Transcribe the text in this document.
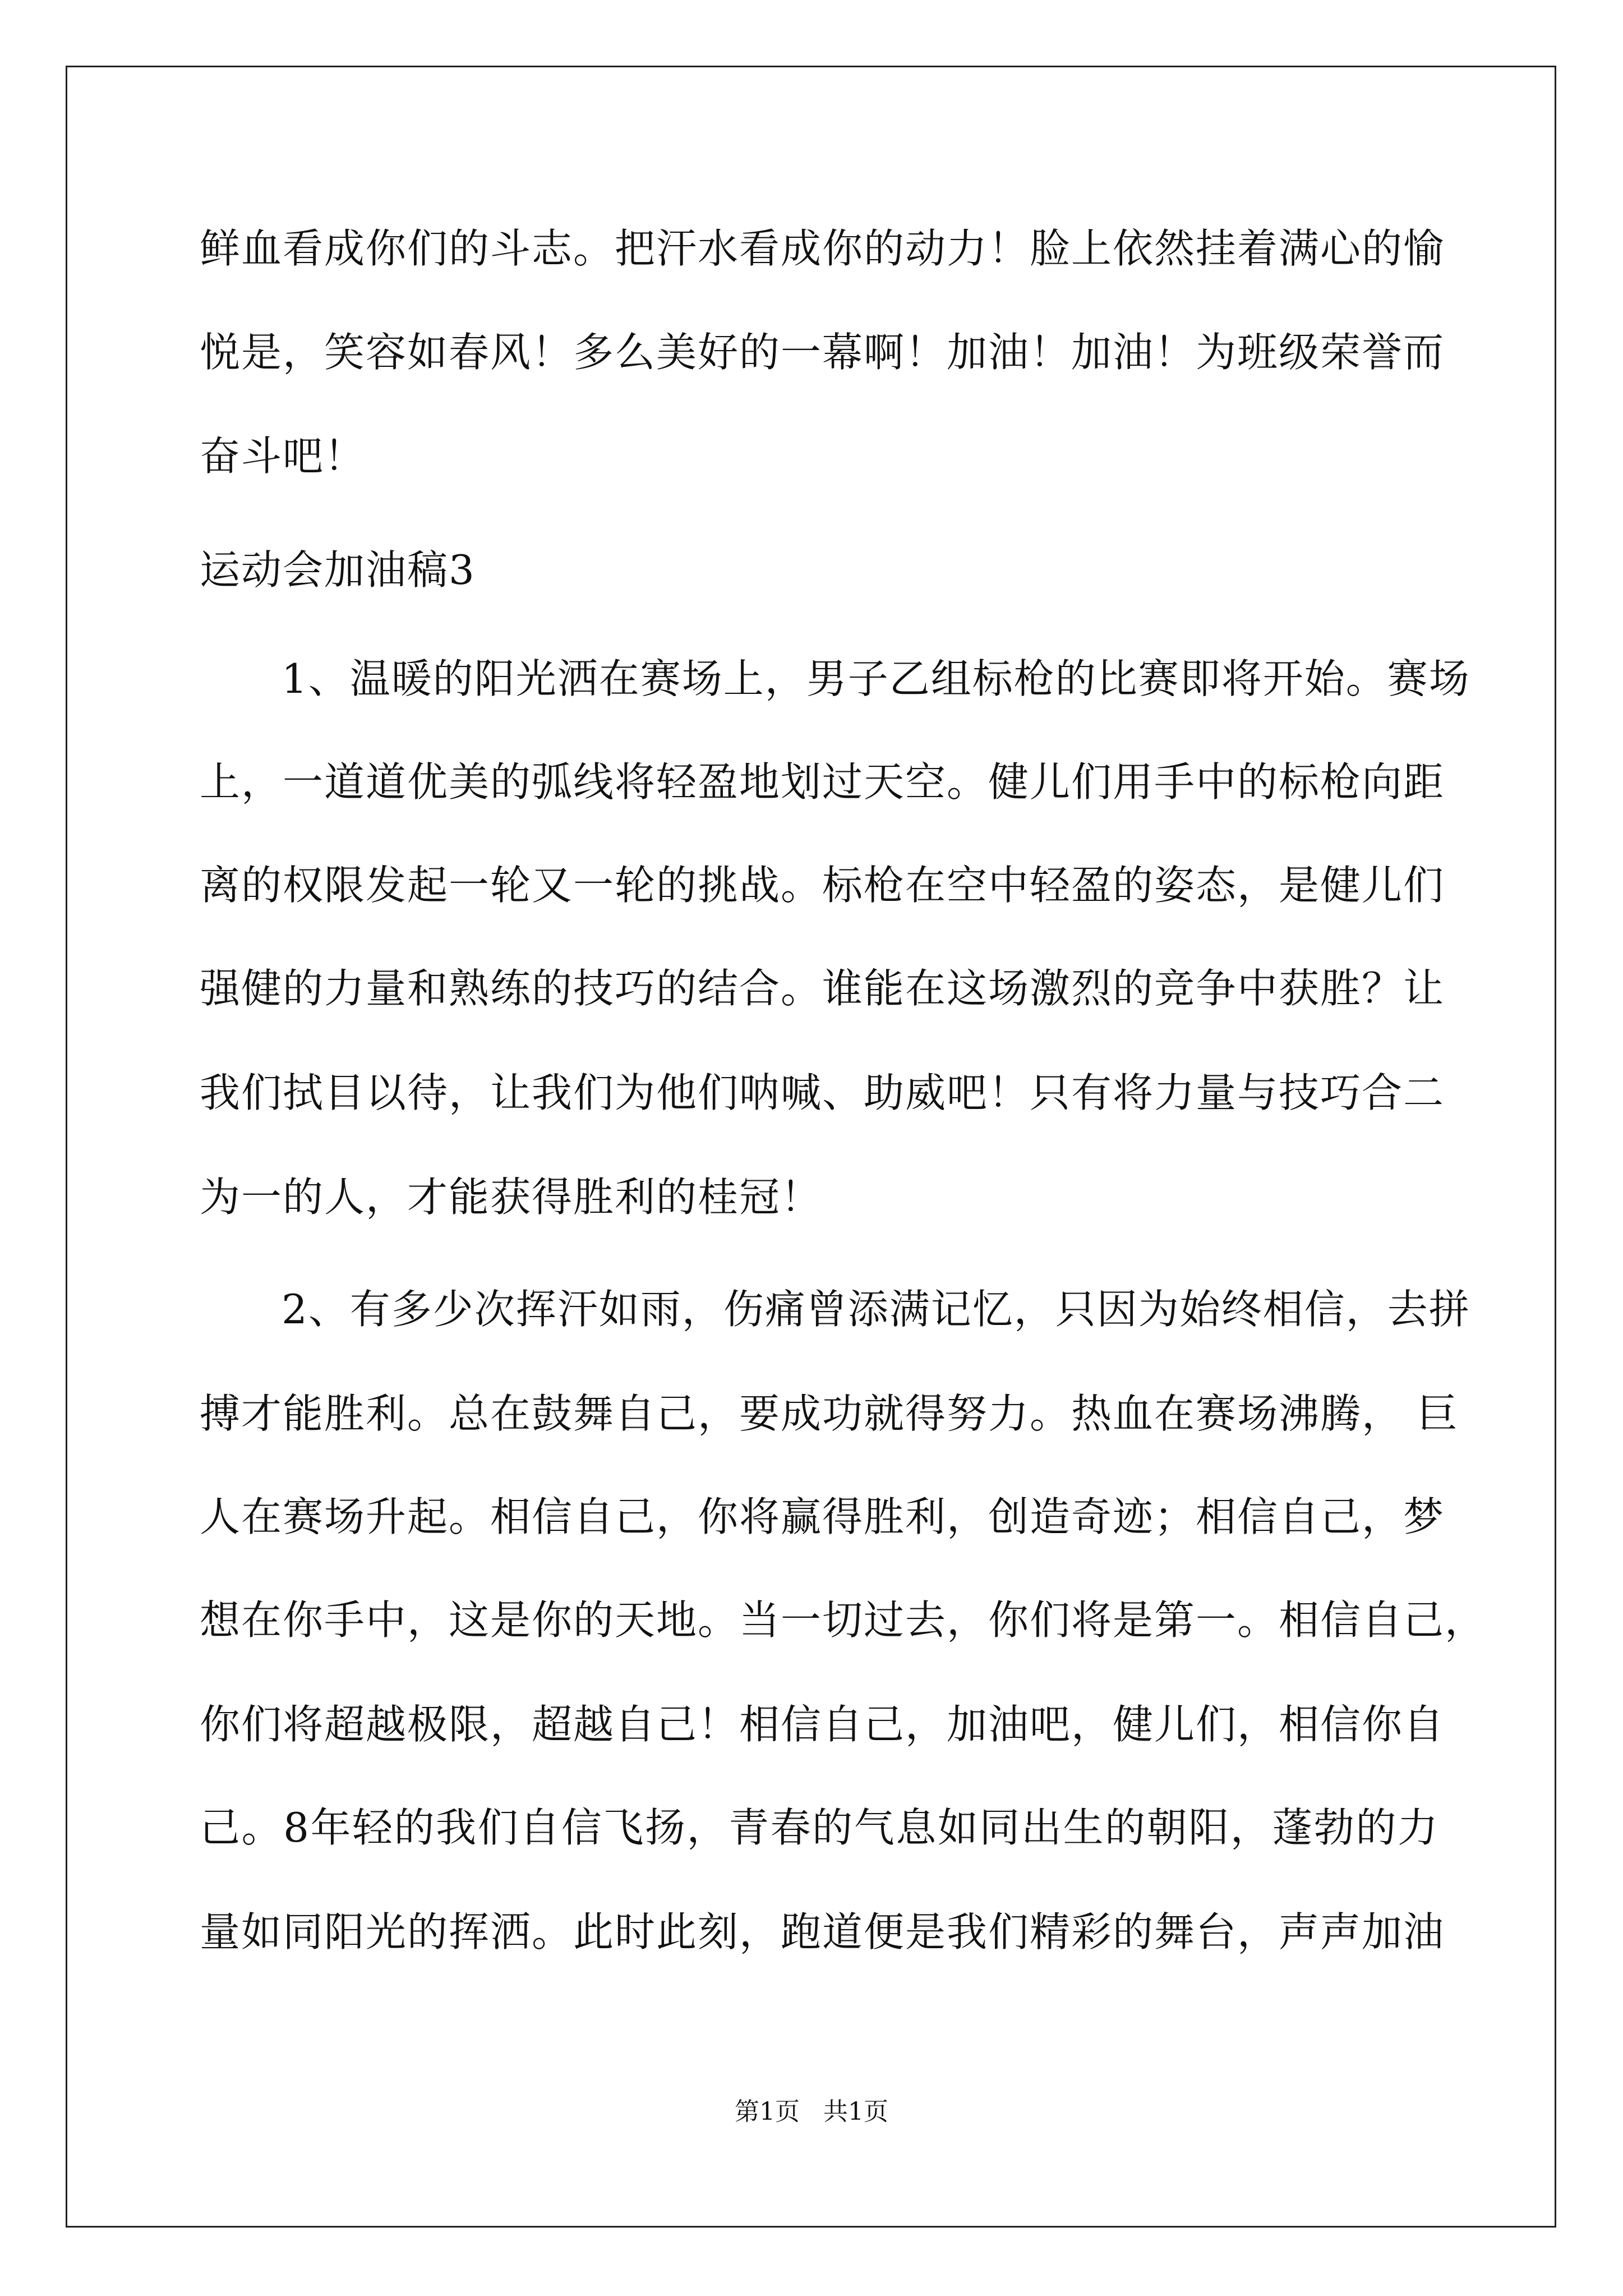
鲜血看成你们的斗志。把汗水看成你的动力！脸上依然挂着满心的愉
悦是，笑容如春风！多么美好的一幕啊！加油！加油！为班级荣誉而
奋斗吧！
运动会加油稿3
1、温暖的阳光洒在赛场上，男子乙组标枪的比赛即将开始。赛场
上，一道道优美的弧线将轻盈地划过天空。健儿们用手中的标枪向距
离的权限发起一轮又一轮的挑战。标枪在空中轻盈的姿态，是健儿们
强健的力量和熟练的技巧的结合。谁能在这场激烈的竞争中获胜？让
我们拭目以待，让我们为他们呐喊、助威吧！只有将力量与技巧合二
为一的人，才能获得胜利的桂冠！
2、有多少次挥汗如雨，伤痛曾添满记忆，只因为始终相信，去拼
搏才能胜利。总在鼓舞自己，要成功就得努力。热血在赛场沸腾， 巨
人在赛场升起。相信自己，你将赢得胜利，创造奇迹；相信自己，梦
想在你手中，这是你的天地。当一切过去，你们将是第一。相信自己，
你们将超越极限，超越自己！相信自己，加油吧，健儿们，相信你自
己。8年轻的我们自信飞扬，青春的气息如同出生的朝阳，蓬勃的力
量如同阳光的挥洒。此时此刻，跑道便是我们精彩的舞台，声声加油
第1页   共1页
